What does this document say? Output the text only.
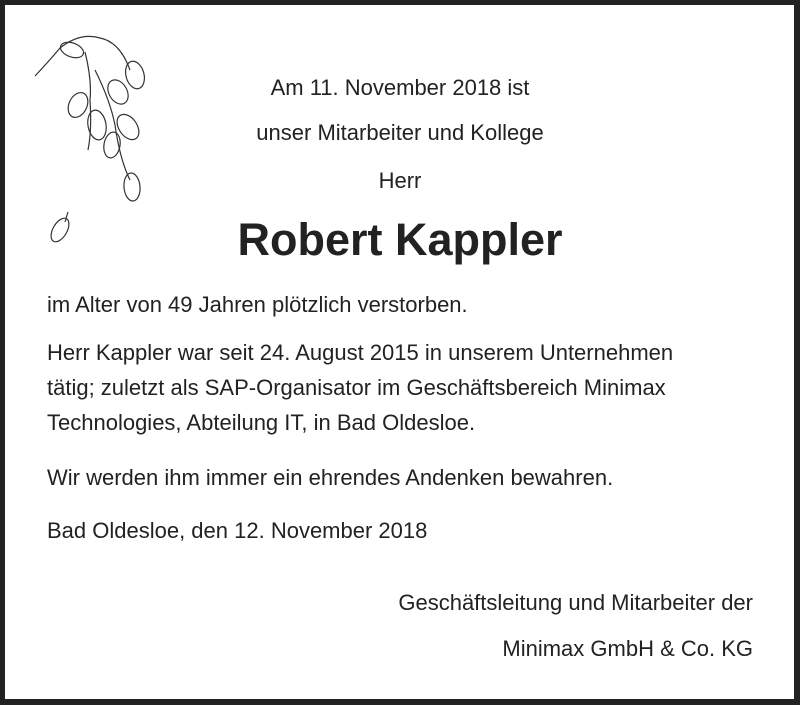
Am 11. November 2018 ist
unser Mitarbeiter und Kollege
Herr
Robert Kappler
im Alter von 49 Jahren plötzlich verstorben.
Herr Kappler war seit 24. August 2015 in unserem Unternehmen
tätig; zuletzt als SAP-Organisator im Geschäftsbereich Minimax
Technologies, Abteilung IT, in Bad Oldesloe.
Wir werden ihm immer ein ehrendes Andenken bewahren.
Bad Oldesloe, den 12. November 2018
Geschäftsleitung und Mitarbeiter der
Minimax GmbH & Co. KG
